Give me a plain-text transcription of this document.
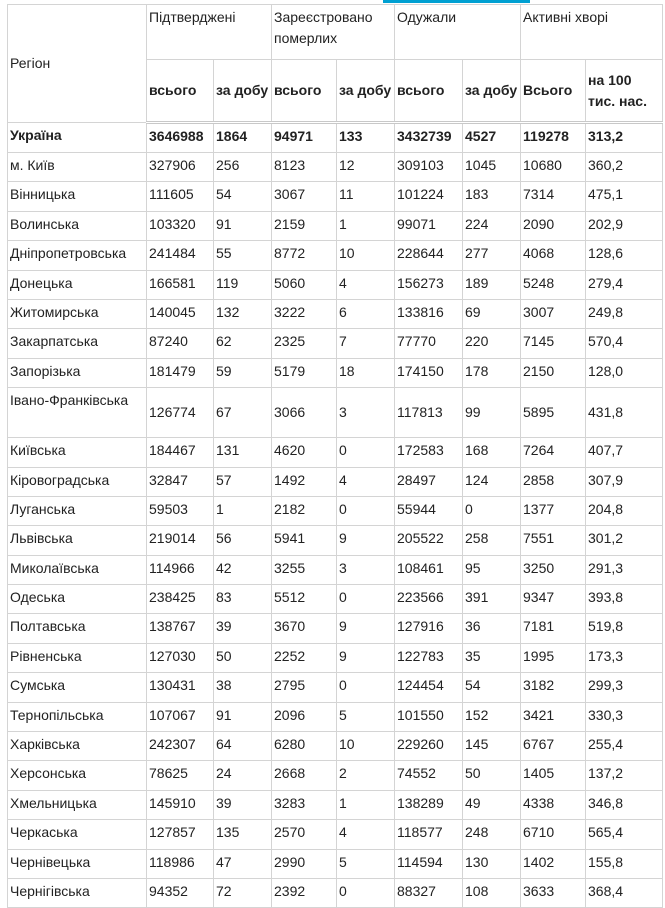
Регіон	Підтверджені		Зареєстровано померлих		Одужали		Активні хворі	
	всього	за добу	всього	за добу	всього	за добу	Всього	на 100 тис. нас.
Україна	3646988	1864	94971	133	3432739	4527	119278	313,2
м. Київ	327906	256	8123	12	309103	1045	10680	360,2
Вінницька	111605	54	3067	11	101224	183	7314	475,1
Волинська	103320	91	2159	1	99071	224	2090	202,9
Дніпропетровська	241484	55	8772	10	228644	277	4068	128,6
Донецька	166581	119	5060	4	156273	189	5248	279,4
Житомирська	140045	132	3222	6	133816	69	3007	249,8
Закарпатська	87240	62	2325	7	77770	220	7145	570,4
Запорізька	181479	59	5179	18	174150	178	2150	128,0
Івано-Франківська	126774	67	3066	3	117813	99	5895	431,8
Київська	184467	131	4620	0	172583	168	7264	407,7
Кіровоградська	32847	57	1492	4	28497	124	2858	307,9
Луганська	59503	1	2182	0	55944	0	1377	204,8
Львівська	219014	56	5941	9	205522	258	7551	301,2
Миколаївська	114966	42	3255	3	108461	95	3250	291,3
Одеська	238425	83	5512	0	223566	391	9347	393,8
Полтавська	138767	39	3670	9	127916	36	7181	519,8
Рівненська	127030	50	2252	9	122783	35	1995	173,3
Сумська	130431	38	2795	0	124454	54	3182	299,3
Тернопільська	107067	91	2096	5	101550	152	3421	330,3
Харківська	242307	64	6280	10	229260	145	6767	255,4
Херсонська	78625	24	2668	2	74552	50	1405	137,2
Хмельницька	145910	39	3283	1	138289	49	4338	346,8
Черкаська	127857	135	2570	4	118577	248	6710	565,4
Чернівецька	118986	47	2990	5	114594	130	1402	155,8
Чернігівська	94352	72	2392	0	88327	108	3633	368,4
